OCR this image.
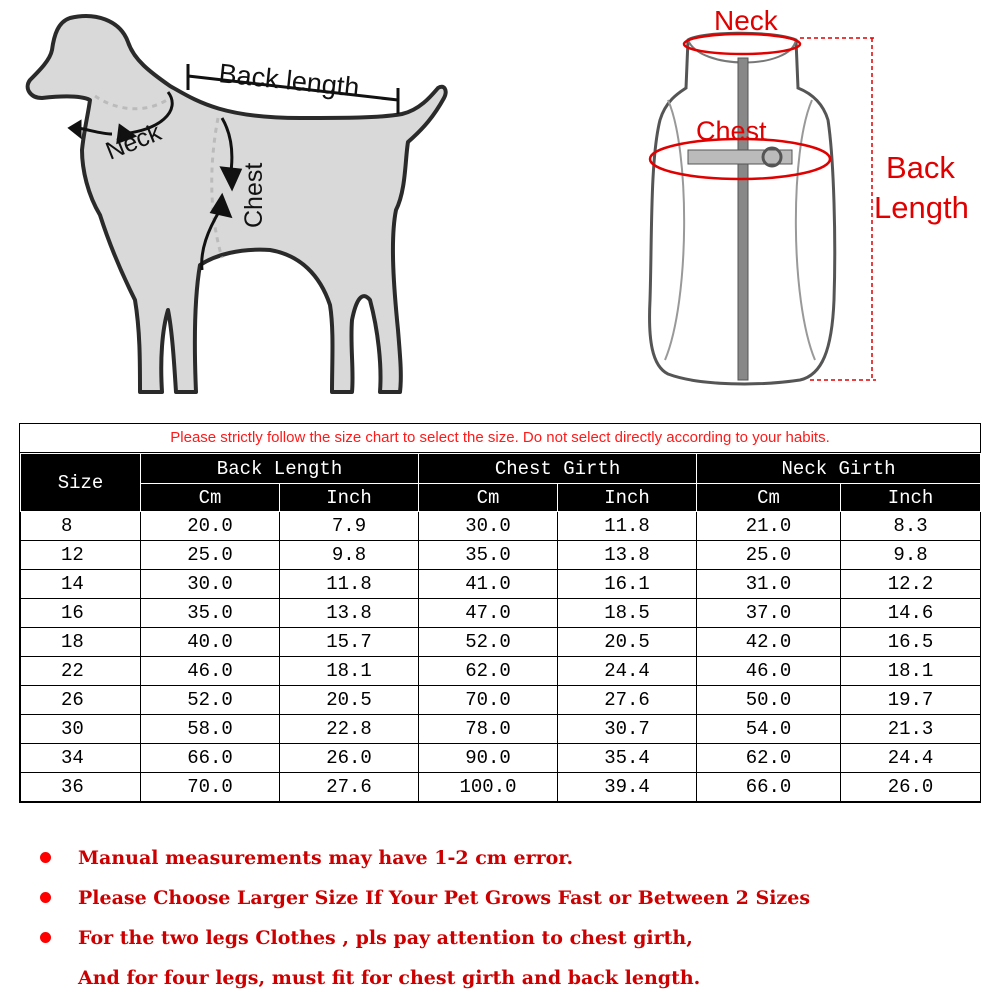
Back length
Neck
Chest
Neck
Chest
Back
Length
Please strictly follow the size chart to select the size. Do not select directly according to your habits.
Size	Back Length		Chest Girth		Neck Girth	
	Cm	Inch	Cm	Inch	Cm	Inch
8	20.0	7.9	30.0	11.8	21.0	8.3
12	25.0	9.8	35.0	13.8	25.0	9.8
14	30.0	11.8	41.0	16.1	31.0	12.2
16	35.0	13.8	47.0	18.5	37.0	14.6
18	40.0	15.7	52.0	20.5	42.0	16.5
22	46.0	18.1	62.0	24.4	46.0	18.1
26	52.0	20.5	70.0	27.6	50.0	19.7
30	58.0	22.8	78.0	30.7	54.0	21.3
34	66.0	26.0	90.0	35.4	62.0	24.4
36	70.0	27.6	100.0	39.4	66.0	26.0
Manual measurements may have 1-2 cm error.
Please Choose Larger Size If Your Pet Grows Fast or Between 2 Sizes
For the two legs Clothes , pls pay attention to chest girth,
And for four legs, must fit for chest girth and back length.
